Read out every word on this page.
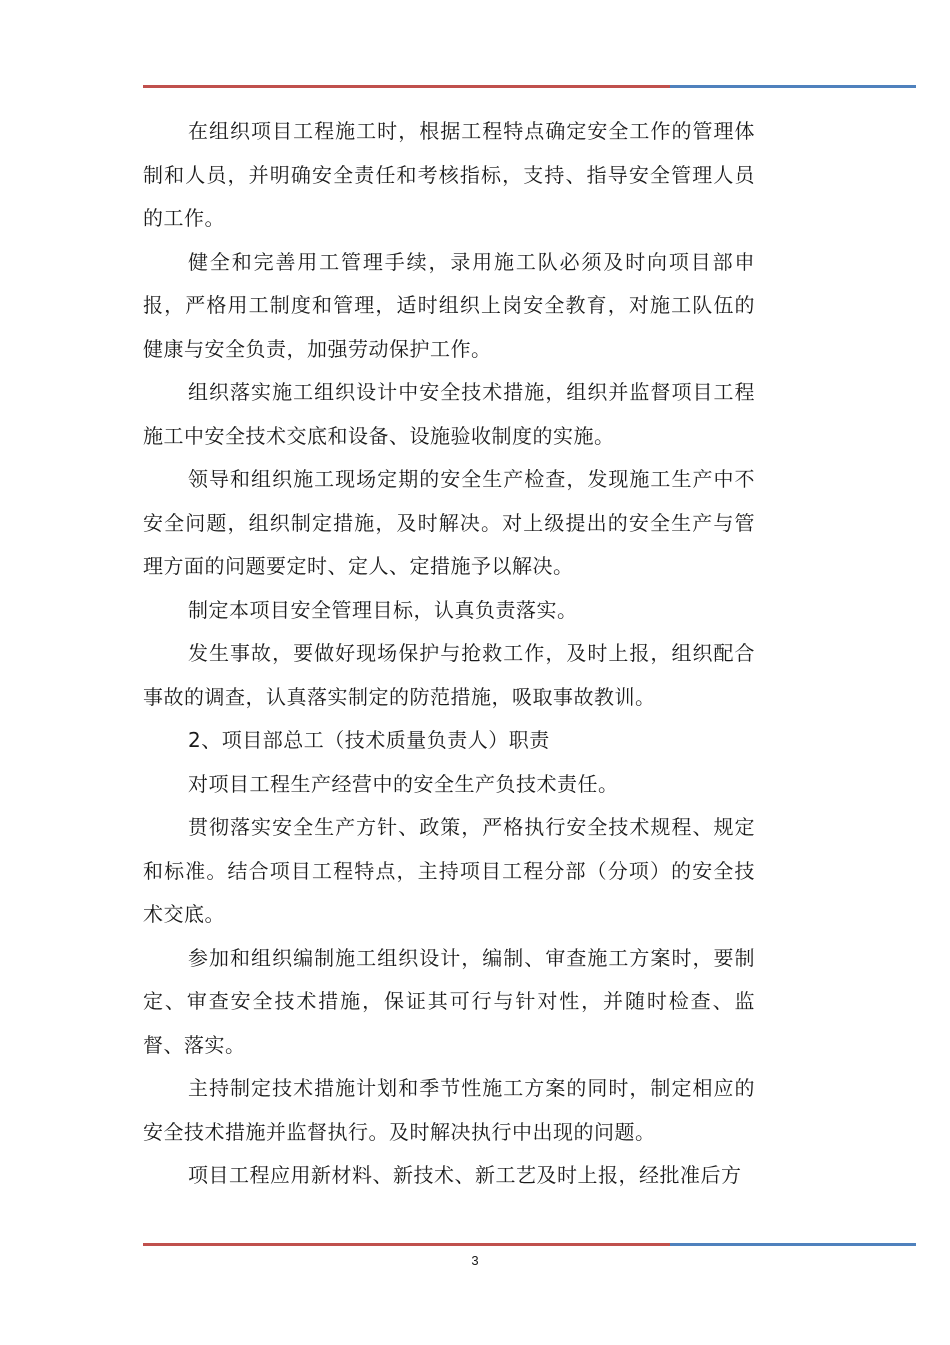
在组织项目工程施工时，根据工程特点确定安全工作的管理体制和人员，并明确安全责任和考核指标，支持、指导安全管理人员的工作。

健全和完善用工管理手续，录用施工队必须及时向项目部申报，严格用工制度和管理，适时组织上岗安全教育，对施工队伍的健康与安全负责，加强劳动保护工作。

组织落实施工组织设计中安全技术措施，组织并监督项目工程施工中安全技术交底和设备、设施验收制度的实施。

领导和组织施工现场定期的安全生产检查，发现施工生产中不安全问题，组织制定措施，及时解决。对上级提出的安全生产与管理方面的问题要定时、定人、定措施予以解决。

制定本项目安全管理目标，认真负责落实。

发生事故，要做好现场保护与抢救工作，及时上报，组织配合事故的调查，认真落实制定的防范措施，吸取事故教训。

2、项目部总工（技术质量负责人）职责

对项目工程生产经营中的安全生产负技术责任。

贯彻落实安全生产方针、政策，严格执行安全技术规程、规定和标准。结合项目工程特点，主持项目工程分部（分项）的安全技术交底。

参加和组织编制施工组织设计，编制、审查施工方案时，要制定、审查安全技术措施，保证其可行与针对性，并随时检查、监督、落实。

主持制定技术措施计划和季节性施工方案的同时，制定相应的安全技术措施并监督执行。及时解决执行中出现的问题。

项目工程应用新材料、新技术、新工艺及时上报，经批准后方

3
